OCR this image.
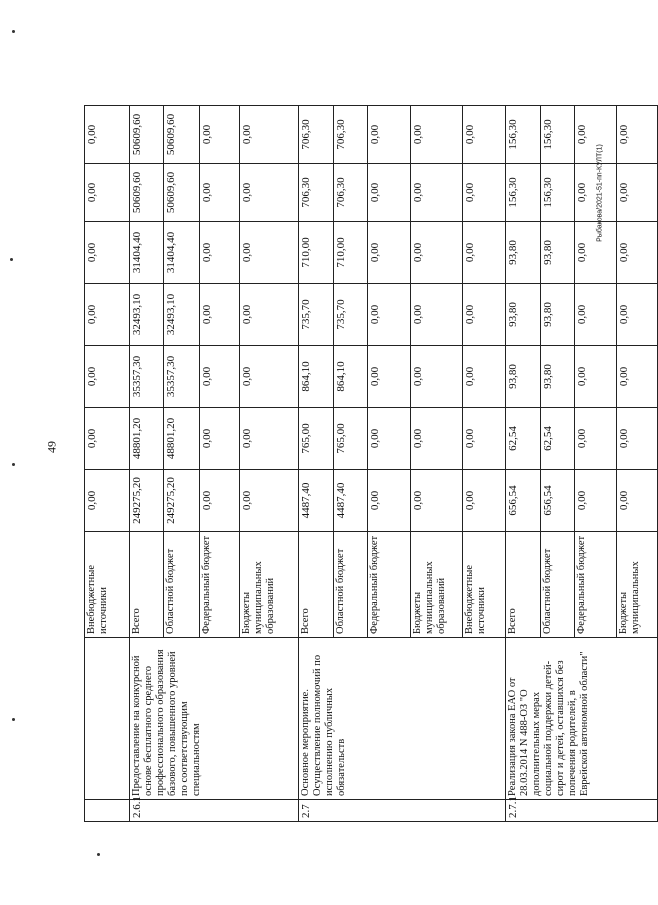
49
Рыбакова/2021-51-пп-КУЛТ(1)
		Внебюджетные источники	0,00	0,00	0,00	0,00	0,00	0,00	0,00
2.6.1	Предоставление на конкурсной основе бесплатного среднего профессионального образования базового, повышенного уровней по соответствующим специальностям	Всего	249275,20	48801,20	35357,30	32493,10	31404,40	50609,60	50609,60
		Областной бюджет	249275,20	48801,20	35357,30	32493,10	31404,40	50609,60	50609,60
		Федеральный бюджет	0,00	0,00	0,00	0,00	0,00	0,00	0,00
		Бюджеты муниципальных образований	0,00	0,00	0,00	0,00	0,00	0,00	0,00
2.7	Основное мероприятие. Осуществление полномочий по исполнению публичных обязательств	Всего	4487,40	765,00	864,10	735,70	710,00	706,30	706,30
		Областной бюджет	4487,40	765,00	864,10	735,70	710,00	706,30	706,30
		Федеральный бюджет	0,00	0,00	0,00	0,00	0,00	0,00	0,00
		Бюджеты муниципальных образований	0,00	0,00	0,00	0,00	0,00	0,00	0,00
		Внебюджетные источники	0,00	0,00	0,00	0,00	0,00	0,00	0,00
2.7.1	Реализация закона ЕАО от 28.03.2014 N 488-ОЗ "О дополнительных мерах социальной поддержки детей-сирот и детей, оставшихся без попечения родителей, в Еврейской автономной области"	Всего	656,54	62,54	93,80	93,80	93,80	156,30	156,30
		Областной бюджет	656,54	62,54	93,80	93,80	93,80	156,30	156,30
		Федеральный бюджет	0,00	0,00	0,00	0,00	0,00	0,00	0,00
		Бюджеты муниципальных	0,00	0,00	0,00	0,00	0,00	0,00	0,00
